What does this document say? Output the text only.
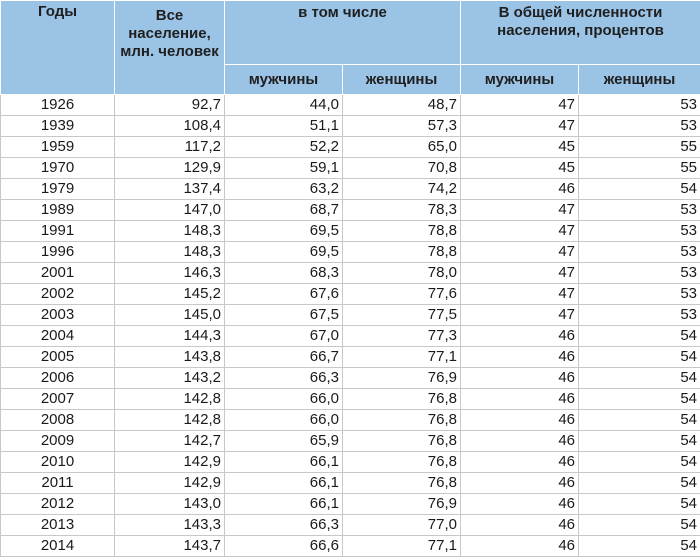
Годы	Все население, млн. человек	в том числе		В общей численности населения, процентов	
		мужчины	женщины	мужчины	женщины
1926	92,7	44,0	48,7	47	53
1939	108,4	51,1	57,3	47	53
1959	117,2	52,2	65,0	45	55
1970	129,9	59,1	70,8	45	55
1979	137,4	63,2	74,2	46	54
1989	147,0	68,7	78,3	47	53
1991	148,3	69,5	78,8	47	53
1996	148,3	69,5	78,8	47	53
2001	146,3	68,3	78,0	47	53
2002	145,2	67,6	77,6	47	53
2003	145,0	67,5	77,5	47	53
2004	144,3	67,0	77,3	46	54
2005	143,8	66,7	77,1	46	54
2006	143,2	66,3	76,9	46	54
2007	142,8	66,0	76,8	46	54
2008	142,8	66,0	76,8	46	54
2009	142,7	65,9	76,8	46	54
2010	142,9	66,1	76,8	46	54
2011	142,9	66,1	76,8	46	54
2012	143,0	66,1	76,9	46	54
2013	143,3	66,3	77,0	46	54
2014	143,7	66,6	77,1	46	54
